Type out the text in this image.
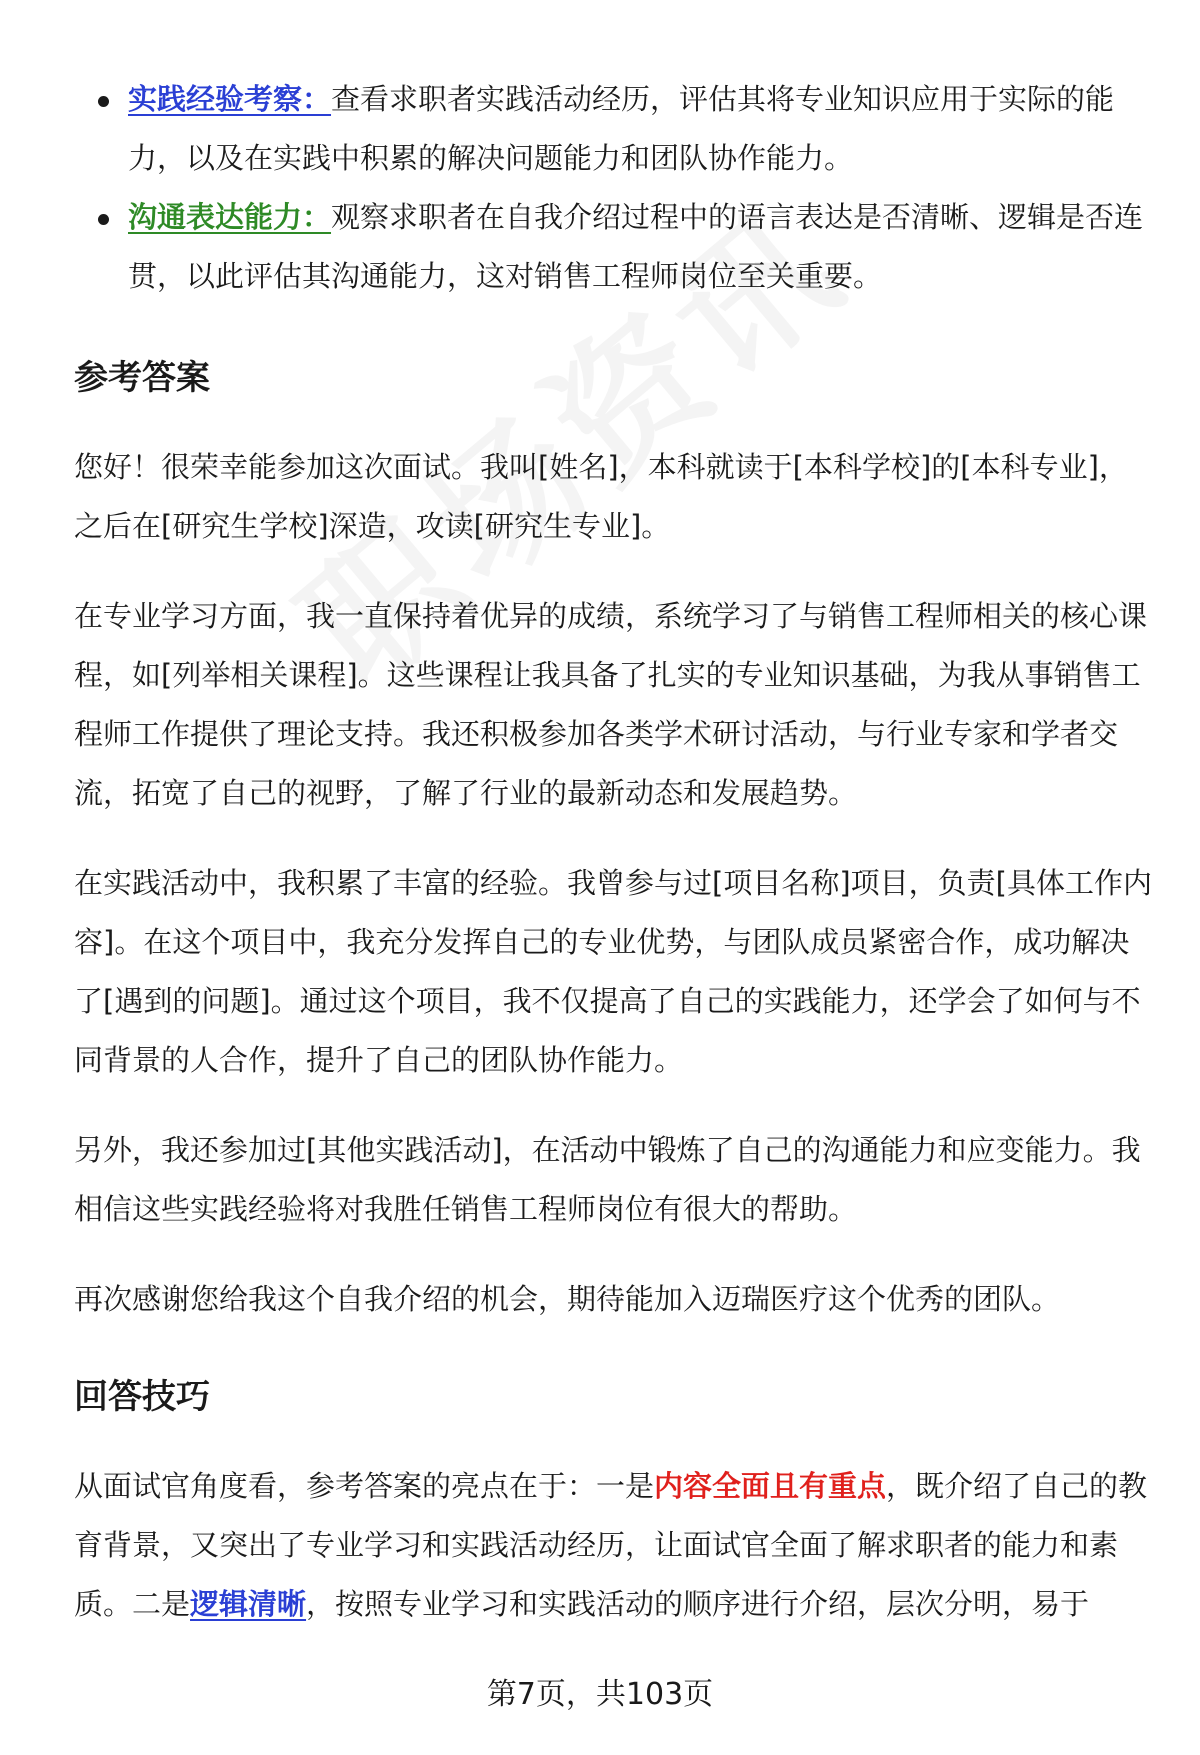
实践经验考察：查看求职者实践活动经历，评估其将专业知识应用于实际的能力，以及在实践中积累的解决问题能力和团队协作能力。
沟通表达能力：观察求职者在自我介绍过程中的语言表达是否清晰、逻辑是否连贯，以此评估其沟通能力，这对销售工程师岗位至关重要。
参考答案

您好！很荣幸能参加这次面试。我叫[姓名]，本科就读于[本科学校]的[本科专业]，之后在[研究生学校]深造，攻读[研究生专业]。

在专业学习方面，我一直保持着优异的成绩，系统学习了与销售工程师相关的核心课程，如[列举相关课程]。这些课程让我具备了扎实的专业知识基础，为我从事销售工程师工作提供了理论支持。我还积极参加各类学术研讨活动，与行业专家和学者交流，拓宽了自己的视野，了解了行业的最新动态和发展趋势。

在实践活动中，我积累了丰富的经验。我曾参与过[项目名称]项目，负责[具体工作内容]。在这个项目中，我充分发挥自己的专业优势，与团队成员紧密合作，成功解决了[遇到的问题]。通过这个项目，我不仅提高了自己的实践能力，还学会了如何与不同背景的人合作，提升了自己的团队协作能力。

另外，我还参加过[其他实践活动]，在活动中锻炼了自己的沟通能力和应变能力。我相信这些实践经验将对我胜任销售工程师岗位有很大的帮助。

再次感谢您给我这个自我介绍的机会，期待能加入迈瑞医疗这个优秀的团队。

回答技巧

从面试官角度看，参考答案的亮点在于：一是内容全面且有重点，既介绍了自己的教育背景，又突出了专业学习和实践活动经历，让面试官全面了解求职者的能力和素质。二是逻辑清晰，按照专业学习和实践活动的顺序进行介绍，层次分明，易于

第7页，共103页
